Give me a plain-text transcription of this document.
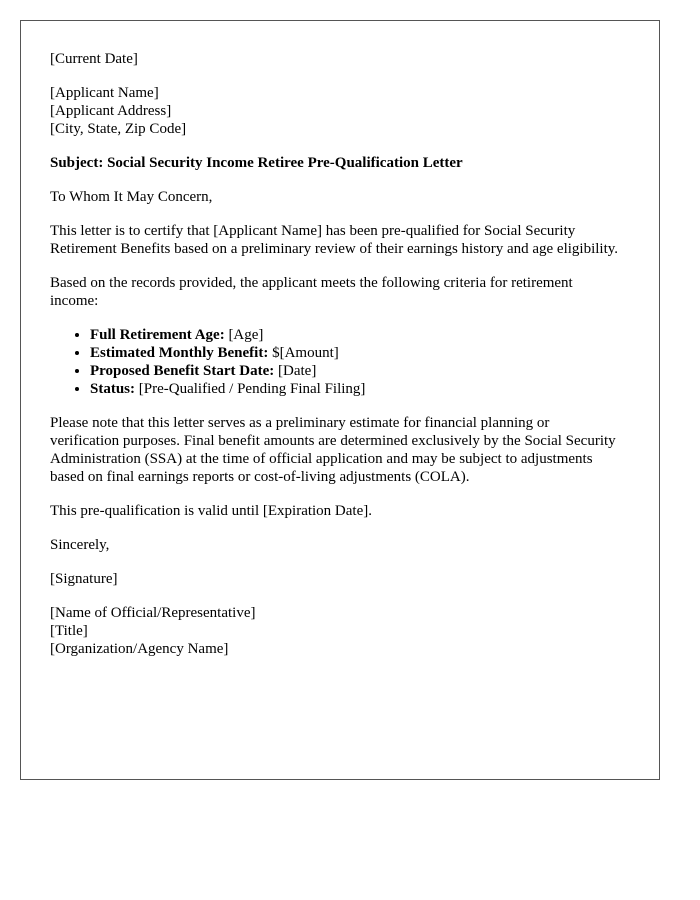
[Current Date]

[Applicant Name]
[Applicant Address]
[City, State, Zip Code]

Subject: Social Security Income Retiree Pre-Qualification Letter

To Whom It May Concern,

This letter is to certify that [Applicant Name] has been pre-qualified for Social Security Retirement Benefits based on a preliminary review of their earnings history and age eligibility.

Based on the records provided, the applicant meets the following criteria for retirement income:

• Full Retirement Age: [Age]
• Estimated Monthly Benefit: $[Amount]
• Proposed Benefit Start Date: [Date]
• Status: [Pre-Qualified / Pending Final Filing]

Please note that this letter serves as a preliminary estimate for financial planning or verification purposes. Final benefit amounts are determined exclusively by the Social Security Administration (SSA) at the time of official application and may be subject to adjustments based on final earnings reports or cost-of-living adjustments (COLA).

This pre-qualification is valid until [Expiration Date].

Sincerely,

[Signature]

[Name of Official/Representative]
[Title]
[Organization/Agency Name]
